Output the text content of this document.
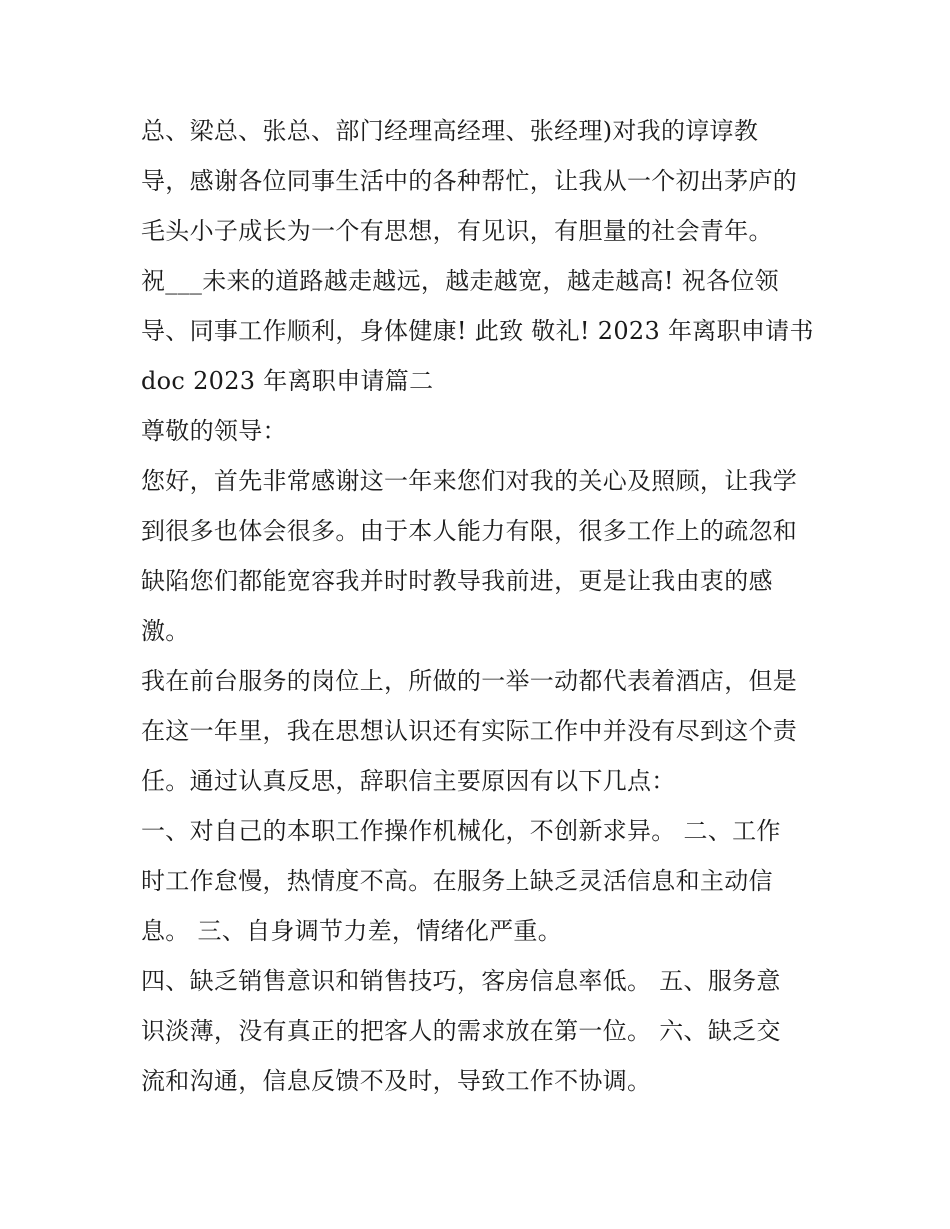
总、梁总、张总、部门经理高经理、张经理)对我的谆谆教
导，感谢各位同事生活中的各种帮忙，让我从一个初出茅庐的
毛头小子成长为一个有思想，有见识，有胆量的社会青年。
祝___未来的道路越走越远，越走越宽，越走越高! 祝各位领
导、同事工作顺利，身体健康! 此致 敬礼! 2023 年离职申请书
doc 2023 年离职申请篇二
尊敬的领导：
您好，首先非常感谢这一年来您们对我的关心及照顾，让我学
到很多也体会很多。由于本人能力有限，很多工作上的疏忽和
缺陷您们都能宽容我并时时教导我前进，更是让我由衷的感
激。
我在前台服务的岗位上，所做的一举一动都代表着酒店，但是
在这一年里，我在思想认识还有实际工作中并没有尽到这个责
任。通过认真反思，辞职信主要原因有以下几点：
一、对自己的本职工作操作机械化，不创新求异。 二、工作
时工作怠慢，热情度不高。在服务上缺乏灵活信息和主动信
息。 三、自身调节力差，情绪化严重。
四、缺乏销售意识和销售技巧，客房信息率低。 五、服务意
识淡薄，没有真正的把客人的需求放在第一位。 六、缺乏交
流和沟通，信息反馈不及时，导致工作不协调。
